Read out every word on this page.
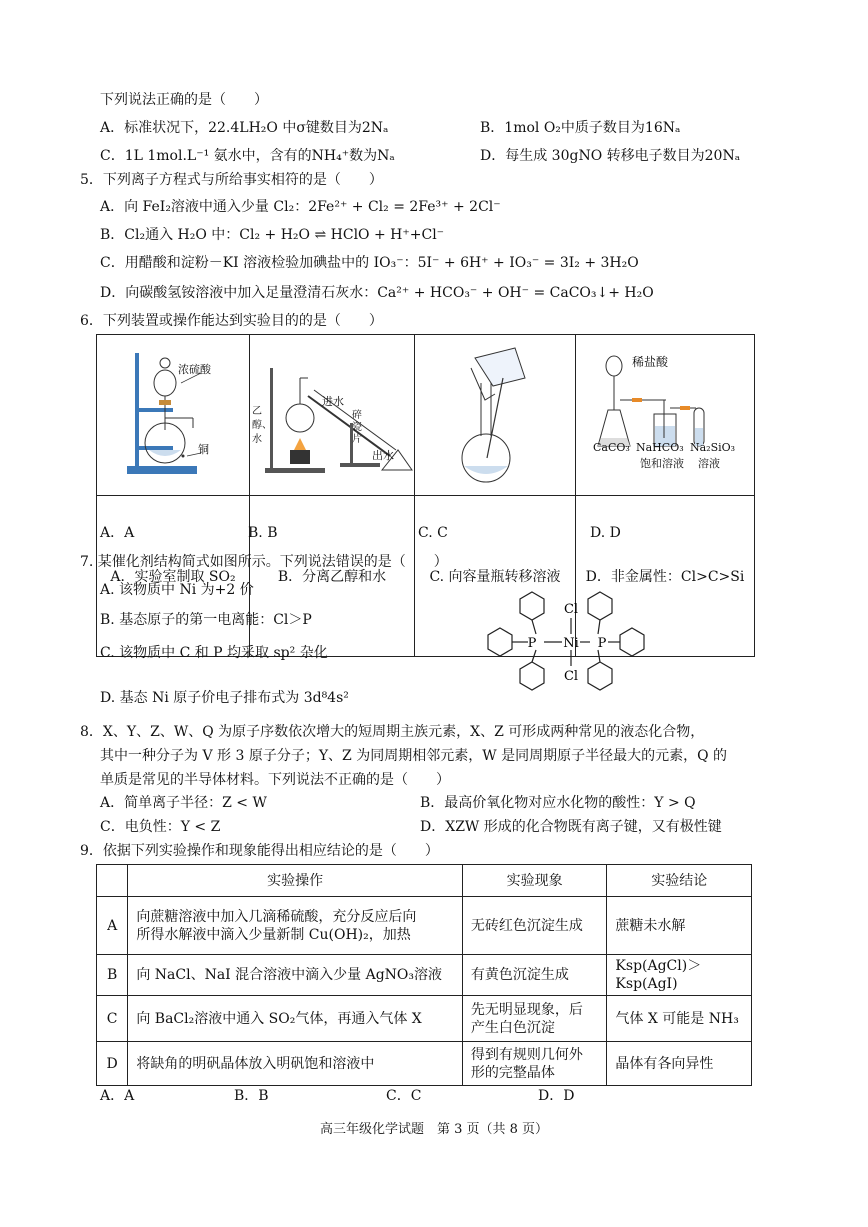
下列说法正确的是（　　）
A．标准状况下，22.4LH₂O 中σ键数目为2Nₐ	B．1mol O₂中质子数目为16Nₐ
C．1L 1mol.L⁻¹ 氨水中，含有的NH₄⁺数为Nₐ	D．每生成 30gNO 转移电子数目为20Nₐ
5．下列离子方程式与所给事实相符的是（　　）
A．向 FeI₂溶液中通入少量 Cl₂：2Fe²⁺ + Cl₂ = 2Fe³⁺ + 2Cl⁻
B．Cl₂通入 H₂O 中：Cl₂ + H₂O ⇌ HClO + H⁺+Cl⁻
C．用醋酸和淀粉－KI 溶液检验加碘盐中的 IO₃⁻：5I⁻ + 6H⁺ + IO₃⁻ = 3I₂ + 3H₂O
D．向碳酸氢铵溶液中加入足量澄清石灰水：Ca²⁺ + HCO₃⁻ + OH⁻ = CaCO₃↓+ H₂O
6．下列装置或操作能达到实验目的的是（　　）

A．实验室制取 SO₂	B．分离乙醇和水	C. 向容量瓶转移溶液	D．非金属性：Cl>C>Si
浓硫酸
铜
进水
乙醇、水
碎瓷片
出水
稀盐酸
CaCO₃ NaHCO₃ Na₂SiO₃
饱和溶液 溶液
A．A	B. B	C. C	D. D
7. 某催化剂结构简式如图所示。下列说法错误的是（　　）
A. 该物质中 Ni 为+2 价
B. 基态原子的第一电离能：Cl＞P
C. 该物质中 C 和 P 均采取 sp² 杂化
D. 基态 Ni 原子价电子排布式为 3d⁸4s²
P Ni P
Cl
Cl
8．X、Y、Z、W、Q 为原子序数依次增大的短周期主族元素，X、Z 可形成两种常见的液态化合物，
其中一种分子为 V 形 3 原子分子；Y、Z 为同周期相邻元素，W 是同周期原子半径最大的元素，Q 的
单质是常见的半导体材料。下列说法不正确的是（　　）
A．简单离子半径：Z < W	B．最高价氧化物对应水化物的酸性：Y > Q
C．电负性：Y < Z	D．XZW 形成的化合物既有离子键，又有极性键
9．依据下列实验操作和现象能得出相应结论的是（　　）
	实验操作	实验现象	实验结论
A	向蔗糖溶液中加入几滴稀硫酸，充分反应后向
所得水解液中滴入少量新制 Cu(OH)₂，加热	无砖红色沉淀生成	蔗糖未水解
B	向 NaCl、NaI 混合溶液中滴入少量 AgNO₃溶液	有黄色沉淀生成	Ksp(AgCl)＞Ksp(AgI)
C	向 BaCl₂溶液中通入 SO₂气体，再通入气体 X	先无明显现象，后
产生白色沉淀	气体 X 可能是 NH₃
D	将缺角的明矾晶体放入明矾饱和溶液中	得到有规则几何外
形的完整晶体	晶体有各向异性
A．A	B．B	C．C	D．D
高三年级化学试题　第 3 页（共 8 页）
